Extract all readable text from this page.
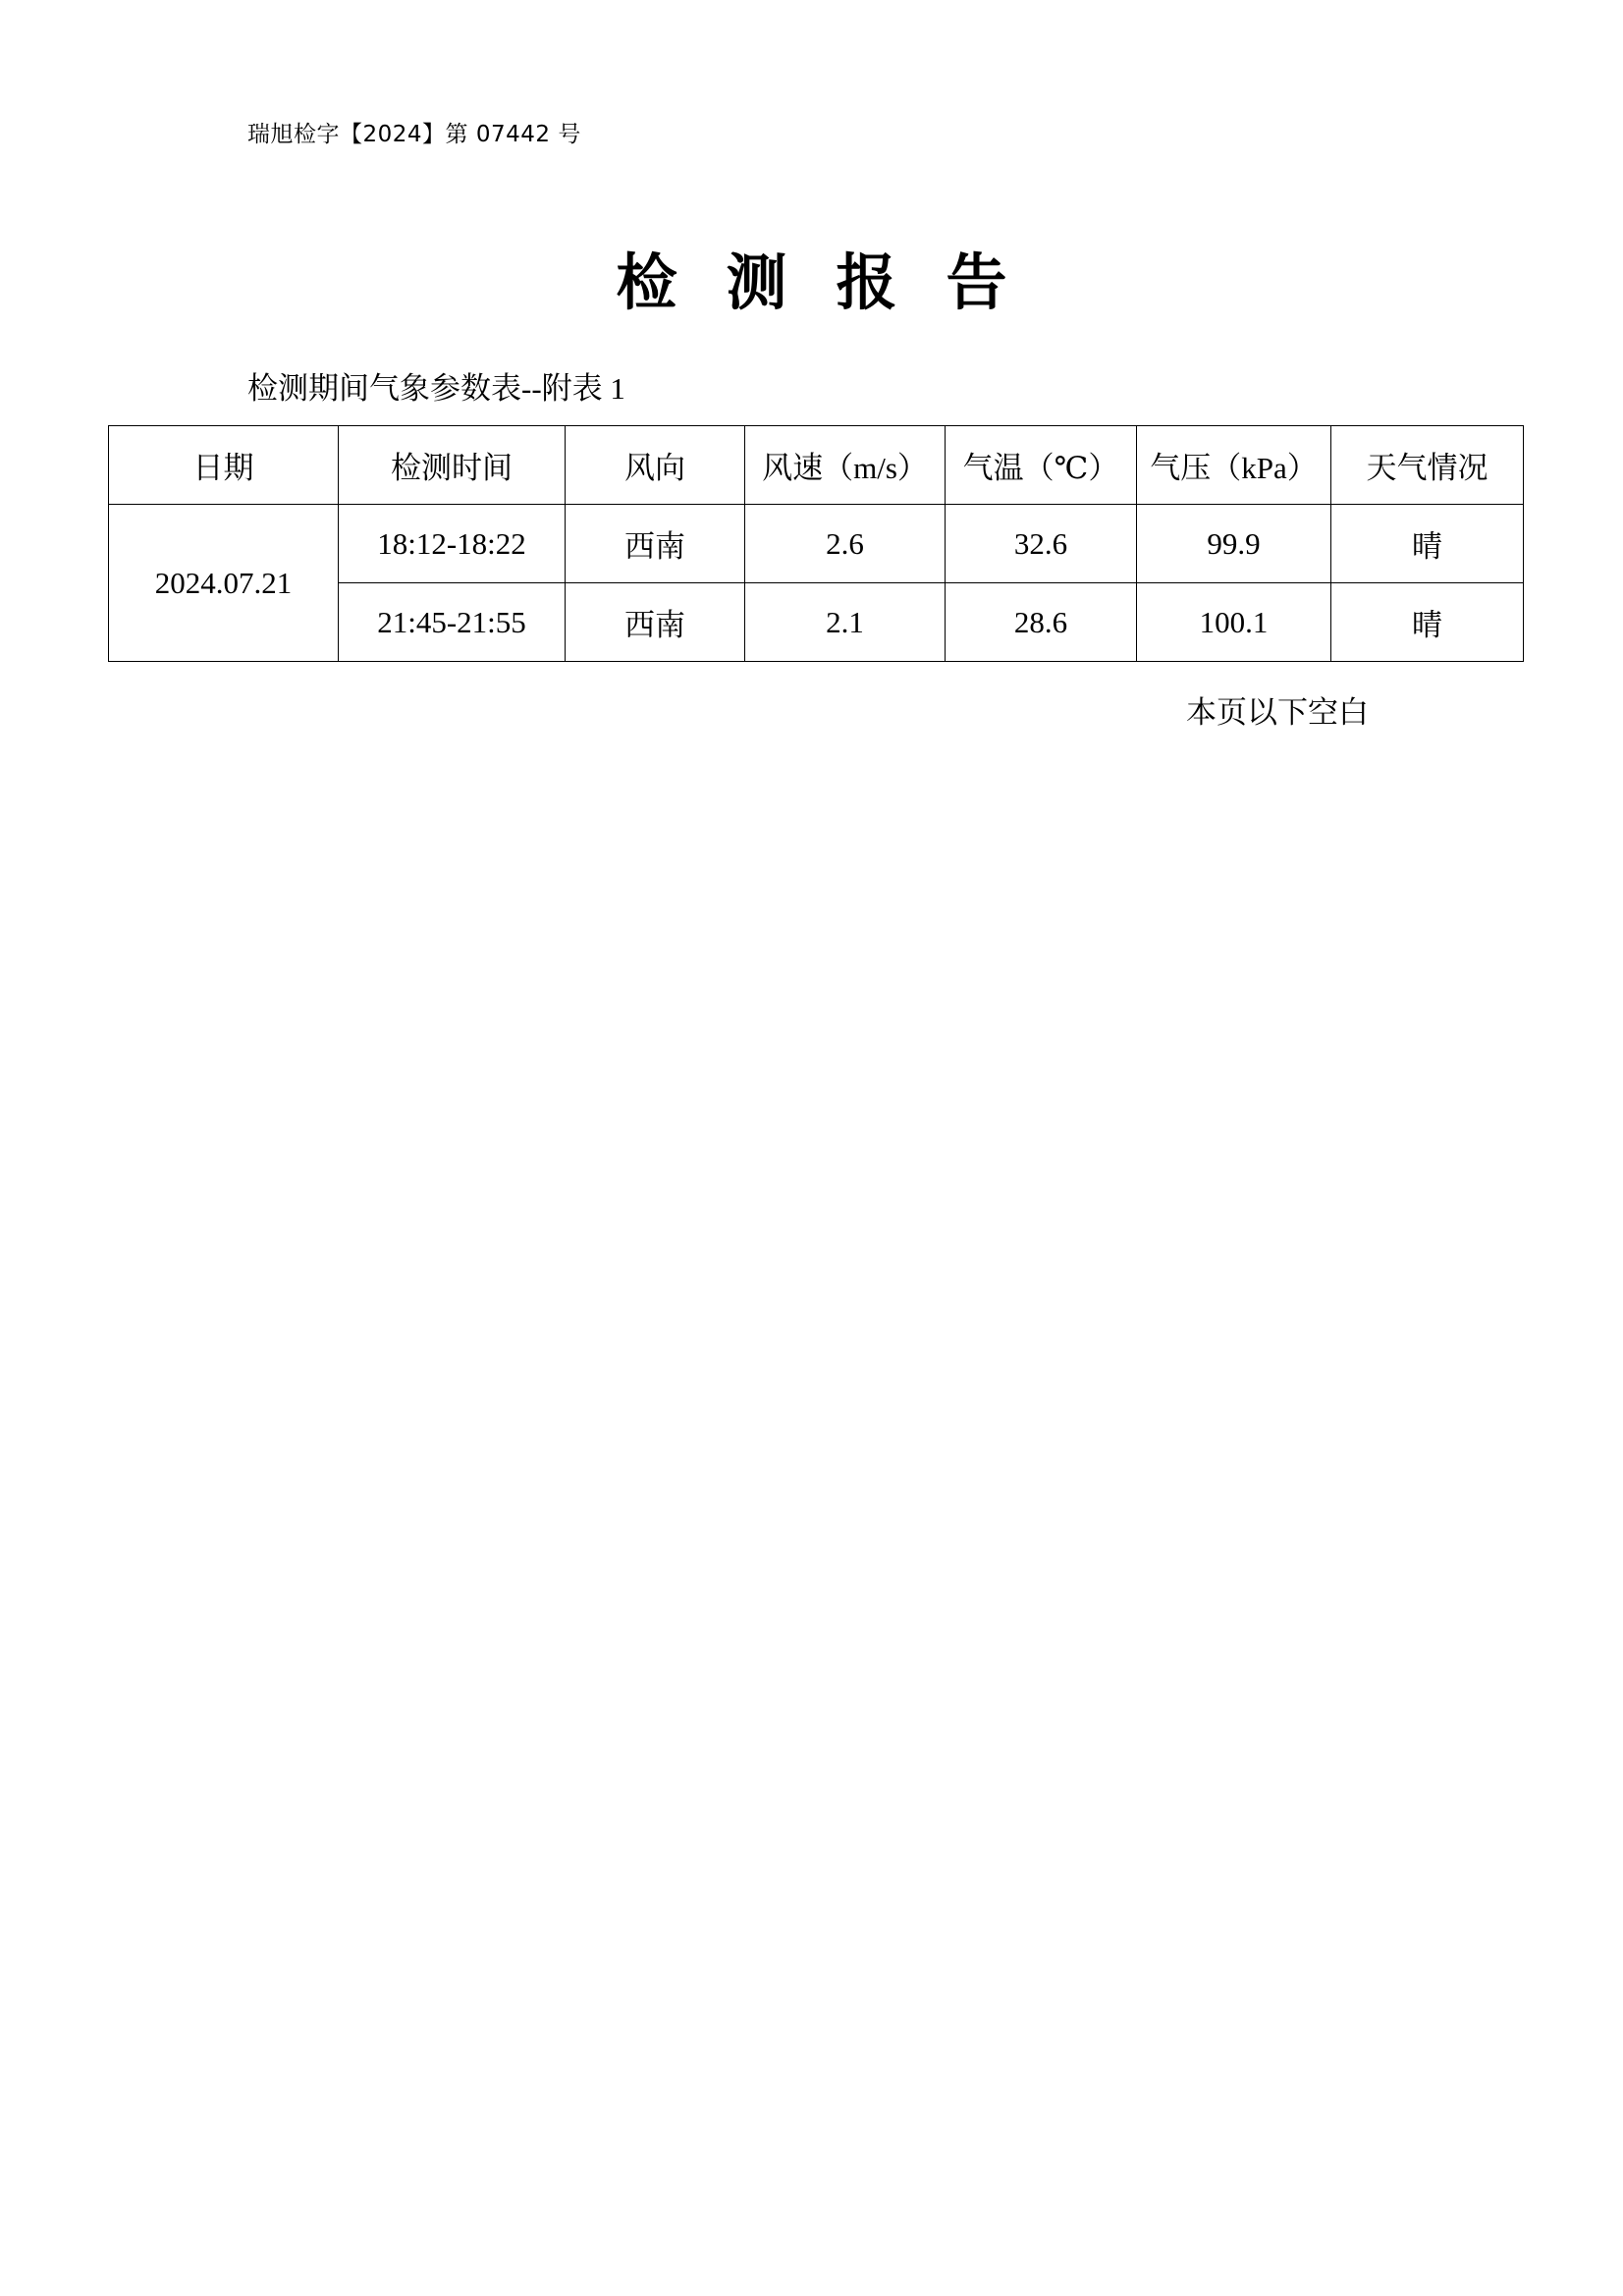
瑞旭检字【2024】第 07442 号
检测报告
检测期间气象参数表--附表 1
日期	检测时间	风向	风速（m/s）	气温（℃）	气压（kPa）	天气情况
2024.07.21	18:12-18:22	西南	2.6	32.6	99.9	晴
	21:45-21:55	西南	2.1	28.6	100.1	晴
本页以下空白
